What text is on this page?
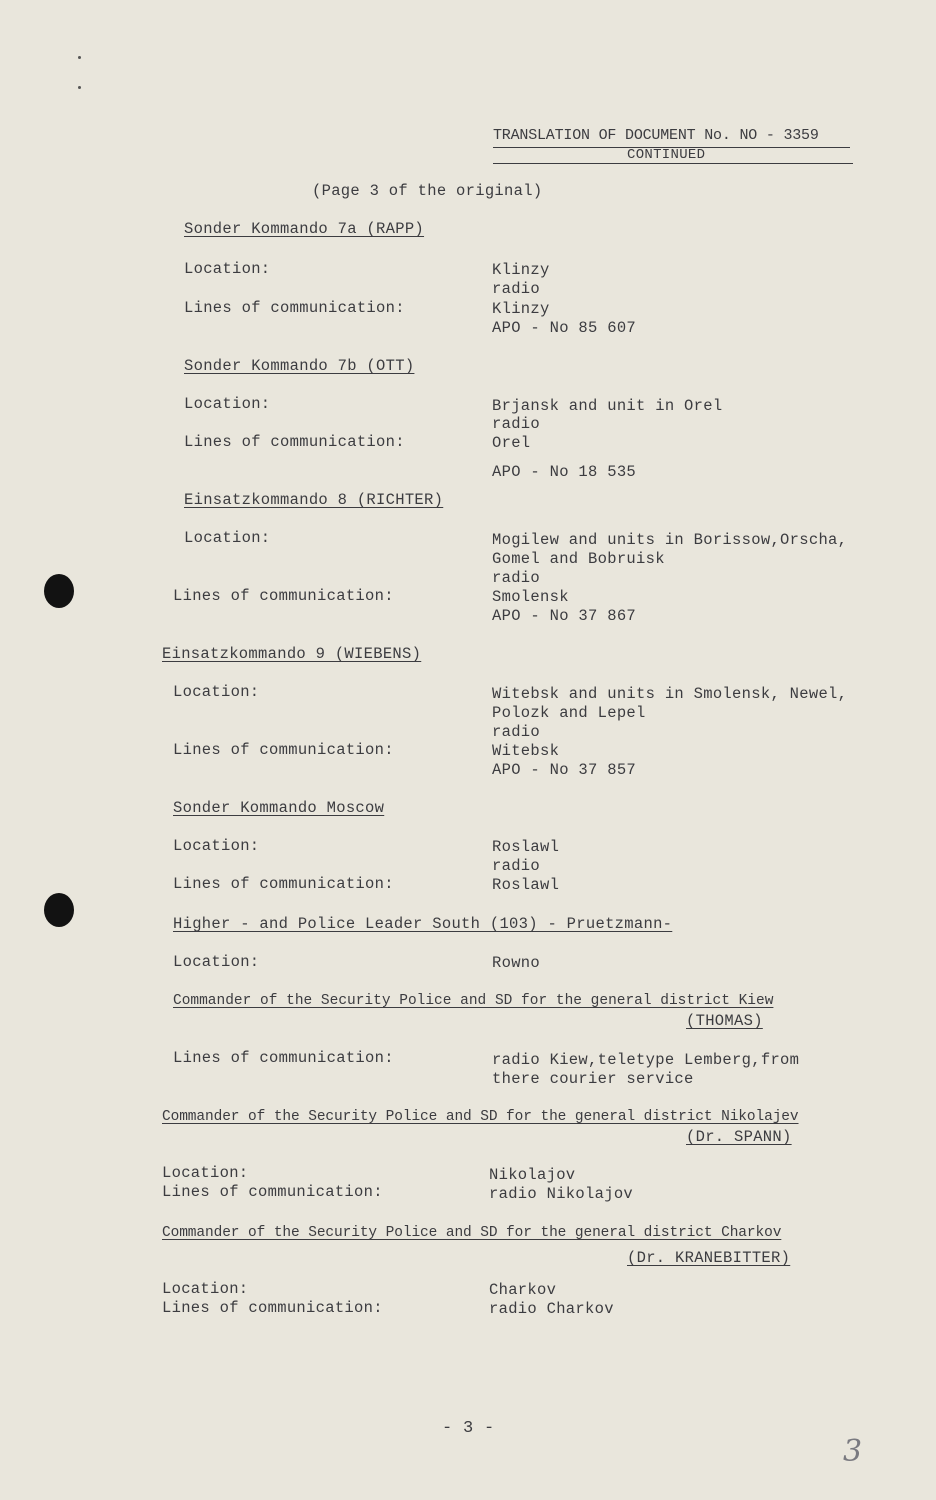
TRANSLATION OF DOCUMENT No. NO - 3359
CONTINUED
(Page 3 of the original)
Sonder Kommando 7a (RAPP)
Location:	Klinzy
radio
Lines of communication:	Klinzy
APO - No 85 607
Sonder Kommando 7b (OTT)
Location:	Brjansk and unit in Orel
radio
Lines of communication:	Orel
APO - No 18 535
Einsatzkommando 8 (RICHTER)
Location:	Mogilew and units in Borissow,Orscha,
Gomel and Bobruisk
radio
Lines of communication:	Smolensk
APO - No 37 867
Einsatzkommando 9 (WIEBENS)
Location:	Witebsk and units in Smolensk, Newel,
Polozk and Lepel
radio
Lines of communication:	Witebsk
APO - No 37 857
Sonder Kommando Moscow
Location:	Roslawl
radio
Lines of communication:	Roslawl
Higher - and Police Leader South (103) - Pruetzmann-
Location:	Rowno
Commander of the Security Police and SD for the general district Kiew
(THOMAS)
Lines of communication:	radio Kiew,teletype Lemberg,from
there courier service
Commander of the Security Police and SD for the general district Nikolajev
(Dr. SPANN)
Location:	Nikolajov
Lines of communication:	radio Nikolajov
Commander of the Security Police and SD for the general district Charkov
(Dr. KRANEBITTER)
Location:	Charkov
Lines of communication:	radio Charkov
- 3 -
3
